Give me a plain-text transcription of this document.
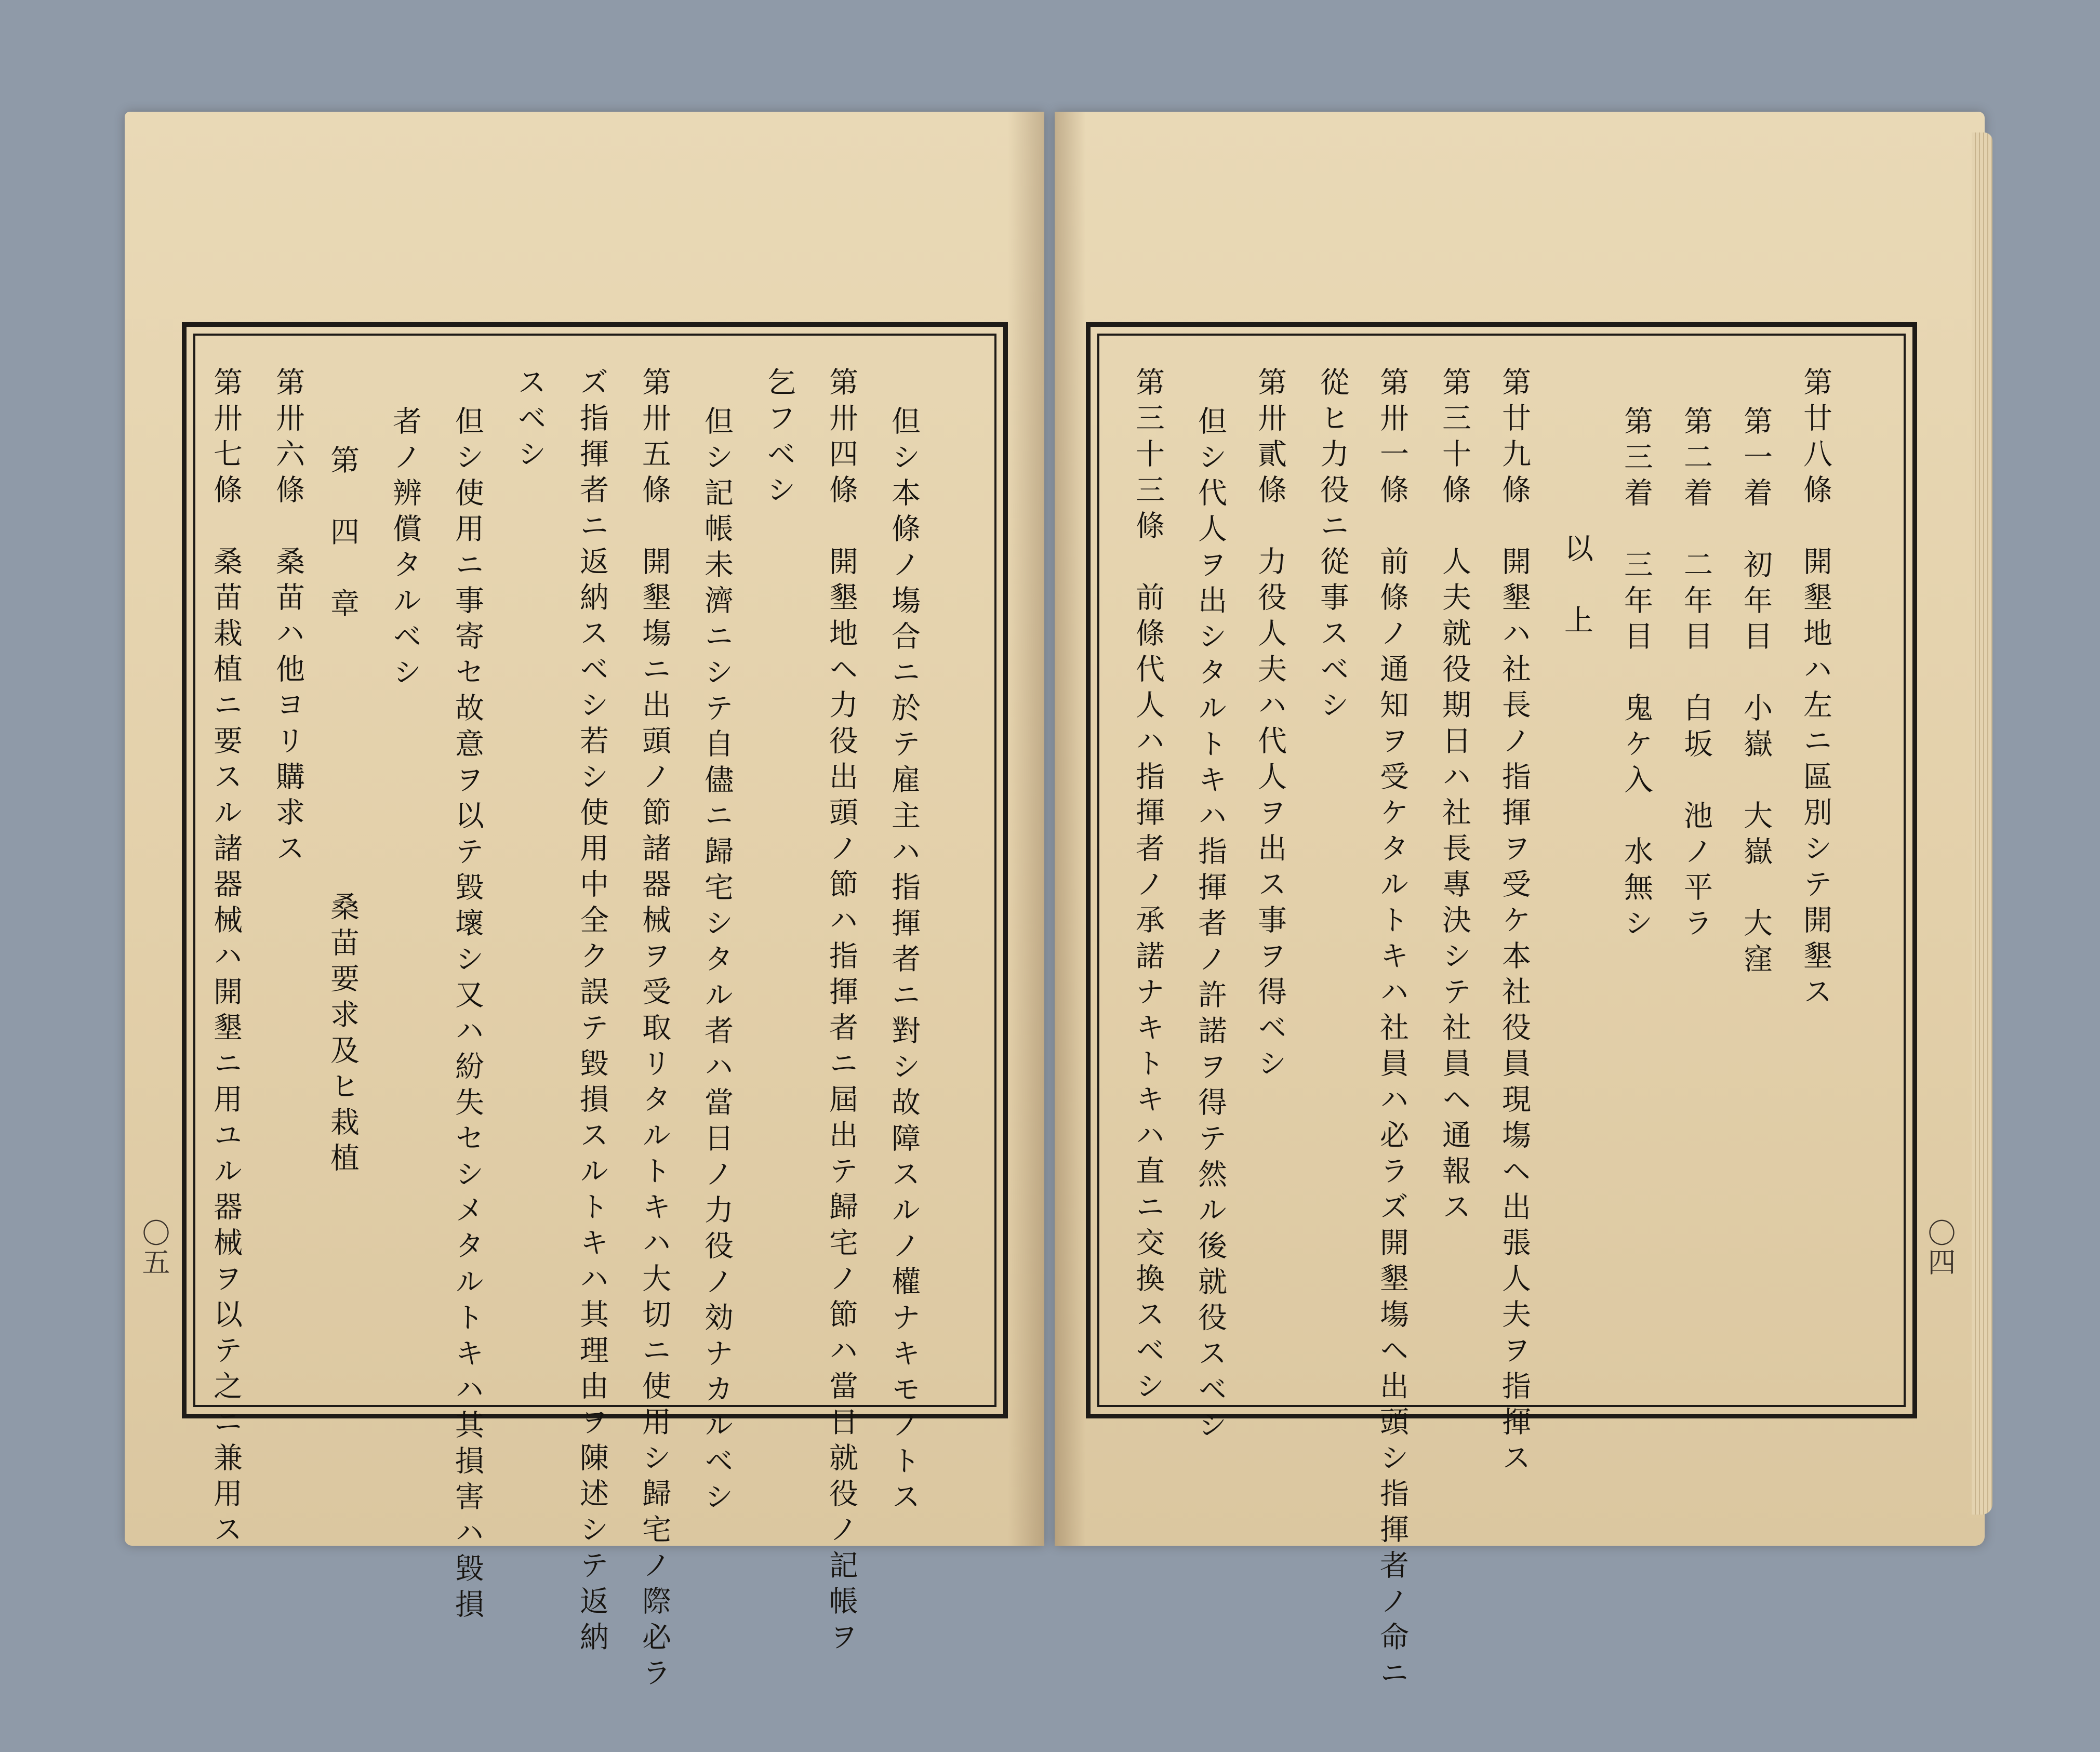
但シ本條ノ塲合ニ於テ雇主ハ指揮者ニ對シ故障スルノ權ナキモノトス
第卅四條　開墾地ヘ力役出頭ノ節ハ指揮者ニ屆出テ歸宅ノ節ハ當日就役ノ記帳ヲ
乞フベシ
但シ記帳未濟ニシテ自儘ニ歸宅シタル者ハ當日ノ力役ノ効ナカルベシ
第卅五條　開墾塲ニ出頭ノ節諸器械ヲ受取リタルトキハ大切ニ使用シ歸宅ノ際必ラ
ズ指揮者ニ返納スベシ若シ使用中全ク誤テ毀損スルトキハ其理由ヲ陳述シテ返納
スベシ
但シ使用ニ事寄セ故意ヲ以テ毀壞シ又ハ紛失セシメタルトキハ其損害ハ毀損
者ノ辨償タルベシ
第　四　章
桑苗要求及ヒ栽植
第卅六條　桑苗ハ他ヨリ購求ス
第卅七條　桑苗栽植ニ要スル諸器械ハ開墾ニ用ユル器械ヲ以テ之ニ兼用ス
〇五
第廿八條　開墾地ハ左ニ區別シテ開墾ス
第一着　初年目　小嶽　大嶽　大窪
第二着　二年目　白坂　池ノ平ラ
第三着　三年目　鬼ケ入　水無シ
以　上
第廿九條　開墾ハ社長ノ指揮ヲ受ケ本社役員現塲ヘ出張人夫ヲ指揮ス
第三十條　人夫就役期日ハ社長專決シテ社員ヘ通報ス
第卅一條　前條ノ通知ヲ受ケタルトキハ社員ハ必ラズ開墾塲ヘ出頭シ指揮者ノ命ニ
從ヒ力役ニ從事スベシ
第卅貳條　力役人夫ハ代人ヲ出ス事ヲ得ベシ
但シ代人ヲ出シタルトキハ指揮者ノ許諾ヲ得テ然ル後就役スベシ
第三十三條　前條代人ハ指揮者ノ承諾ナキトキハ直ニ交換スベシ	〇四
